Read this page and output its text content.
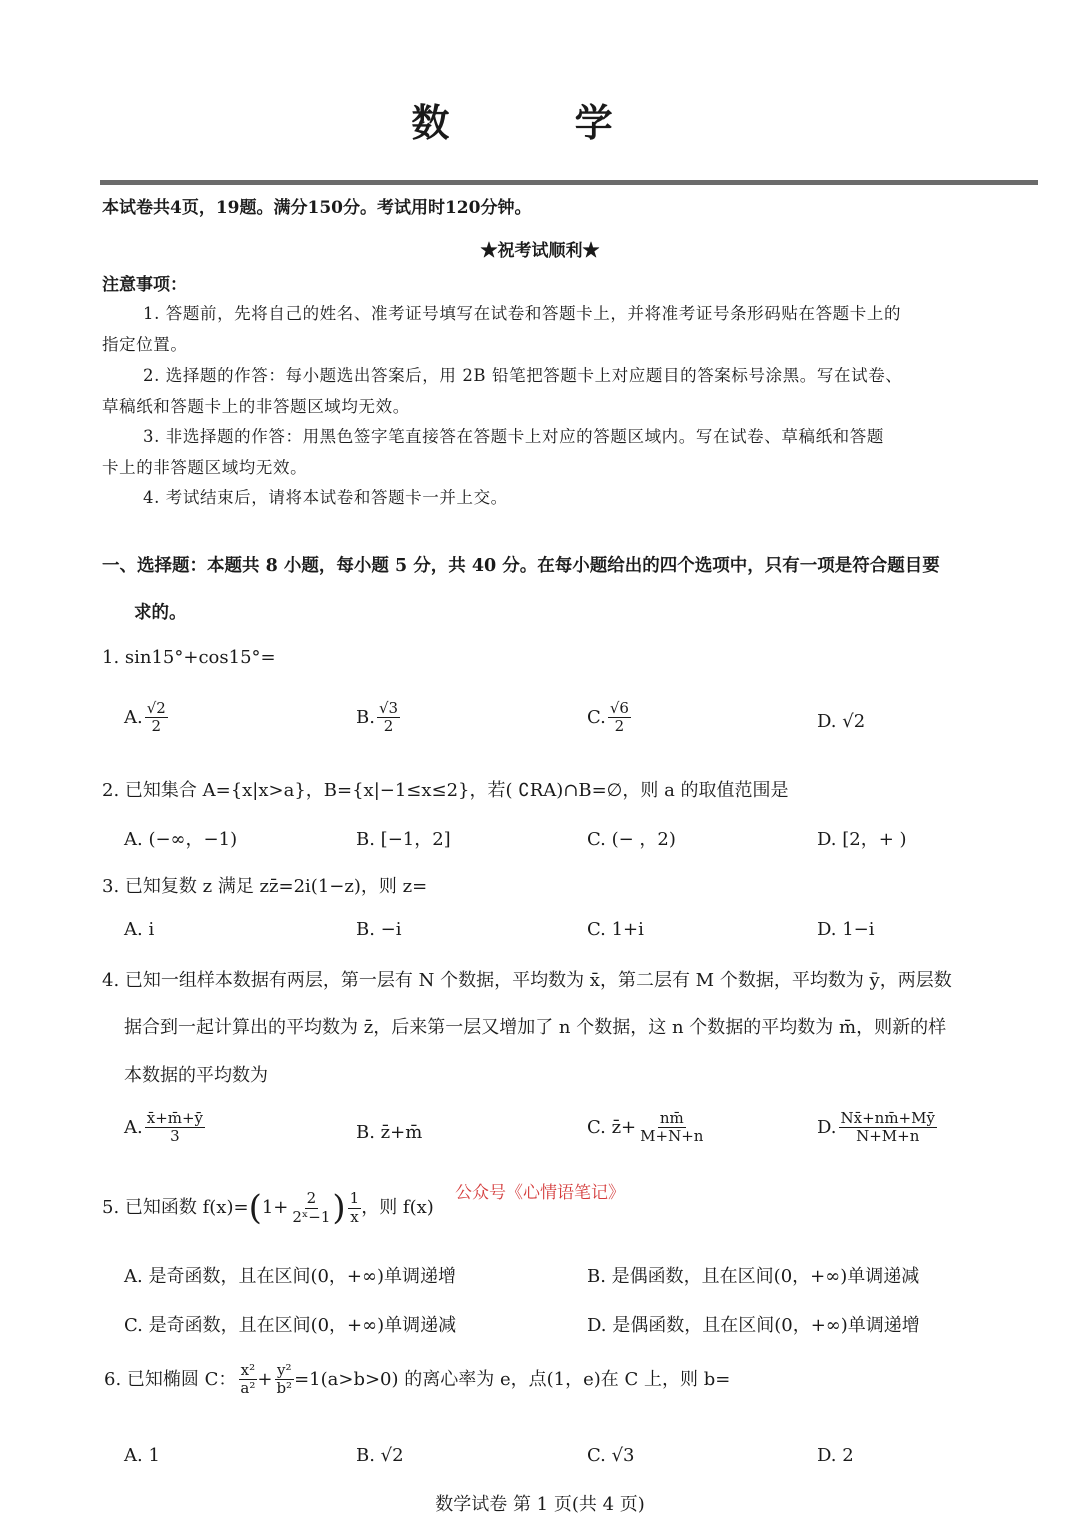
数 学
本试卷共4页，19题。满分150分。考试用时120分钟。
★祝考试顺利★
注意事项：
1. 答题前，先将自己的姓名、准考证号填写在试卷和答题卡上，并将准考证号条形码贴在答题卡上的
指定位置。
2. 选择题的作答：每小题选出答案后，用 2B 铅笔把答题卡上对应题目的答案标号涂黑。写在试卷、
草稿纸和答题卡上的非答题区域均无效。
3. 非选择题的作答：用黑色签字笔直接答在答题卡上对应的答题区域内。写在试卷、草稿纸和答题
卡上的非答题区域均无效。
4. 考试结束后，请将本试卷和答题卡一并上交。
一、选择题：本题共 8 小题，每小题 5 分，共 40 分。在每小题给出的四个选项中，只有一项是符合题目要
求的。
1. sin15°+cos15°=
A. $\frac{√2}{2}$	B. $\frac{√3}{2}$	C. $\frac{√6}{2}$	D. √2
2. 已知集合 A={x|x>a}，B={x|−1≤x≤2}，若( ∁RA)∩B=∅，则 a 的取值范围是
A. (−∞，−1)	B. [−1，2]	C. (− ，2)	D. [2，+ )
3. 已知复数 z 满足 zz̄=2i(1−z)，则 z=
A. i	B. −i	C. 1+i	D. 1−i
4. 已知一组样本数据有两层，第一层有 N 个数据，平均数为 x̄，第二层有 M 个数据，平均数为 ȳ，两层数
据合到一起计算出的平均数为 z̄，后来第一层又增加了 n 个数据，这 n 个数据的平均数为 m̄，则新的样
本数据的平均数为
A. $\frac{x̄+m̄+ȳ}{3}$	B. z̄+m̄	C. z̄+ $\frac{nm̄}{M+N+n}$	D. $\frac{Nx̄+nm̄+Mȳ}{N+M+n}$
公众号《心情语笔记》
5. 已知函数 $f(x)=(1+ \frac{2}{\text{2ˣ−1}}$ ) $\frac{1}{x}$ ，则 f(x)
A. 是奇函数，且在区间(0，+∞)单调递增	B. 是偶函数，且在区间(0，+∞)单调递减
C. 是奇函数，且在区间(0，+∞)单调递减	D. 是偶函数，且在区间(0，+∞)单调递增
6. 已知椭圆 C： $\frac{\text{x²}}{\text{a²}} + \frac{\text{y²}}{\text{b²}} =1(a>b>0)$ 的离心率为 e，点(1，e)在 C 上，则 b=
A. 1	B. √2	C. √3	D. 2
数学试卷 第 1 页(共 4 页)
